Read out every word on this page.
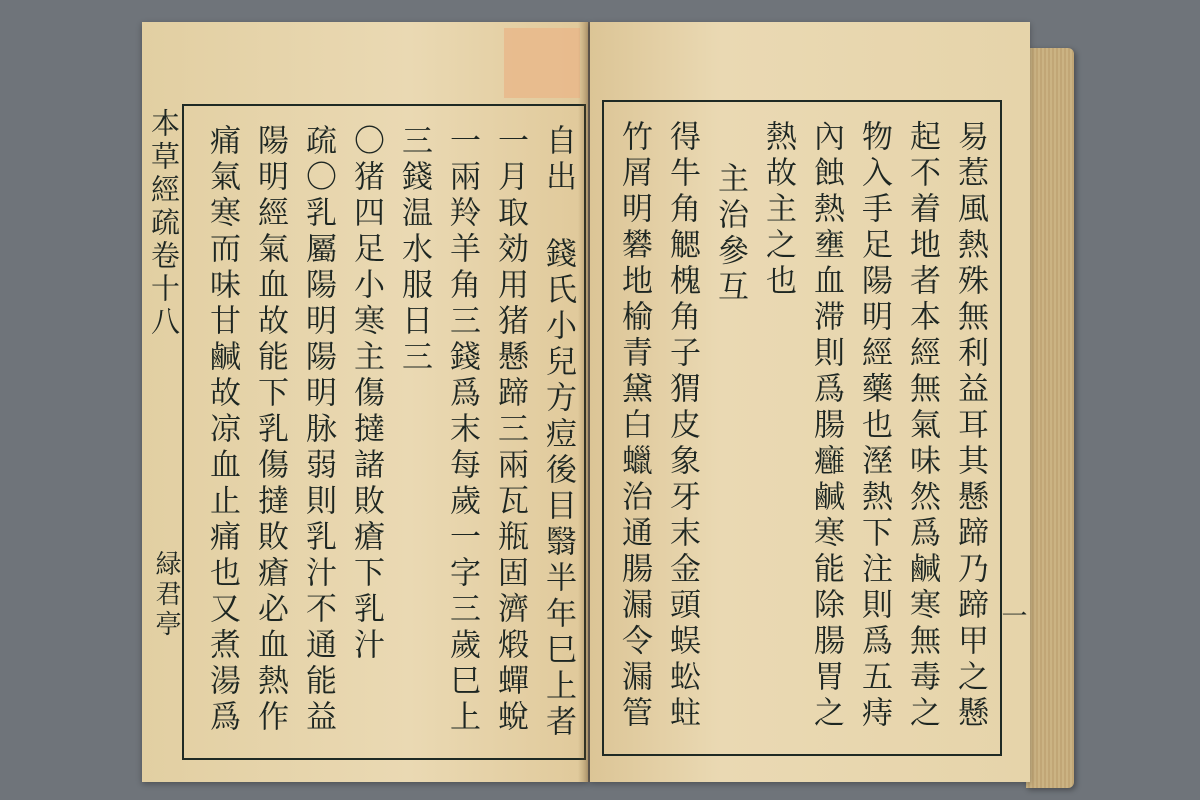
本草經疏卷十八
緑君亭	自出 錢氏小兒方痘後目翳半年巳上者
一月取効用猪懸蹄三兩瓦瓶固濟煅蟬蛻
一兩羚羊角三錢爲末每歲一字三歲巳上
三錢温水服日三
〇猪四足小寒主傷撻諸敗瘡下乳汁
疏〇乳屬陽明陽明脉弱則乳汁不通能益
陽明經氣血故能下乳傷撻敗瘡必血熱作
痛氣寒而味甘鹹故凉血止痛也又煮湯爲	易惹風熱殊無利益耳其懸蹄乃蹄甲之懸
起不着地者本經無氣味然爲鹹寒無毒之
物入手足陽明經藥也溼熱下注則爲五痔
內蝕熱壅血滞則爲腸癰鹹寒能除腸胃之
熱故主之也
主治參互
得牛角䚡槐角子猬皮象牙末金頭蜈蚣蛀
竹屑明礬地榆青黛白蠟治通腸漏令漏管	一
